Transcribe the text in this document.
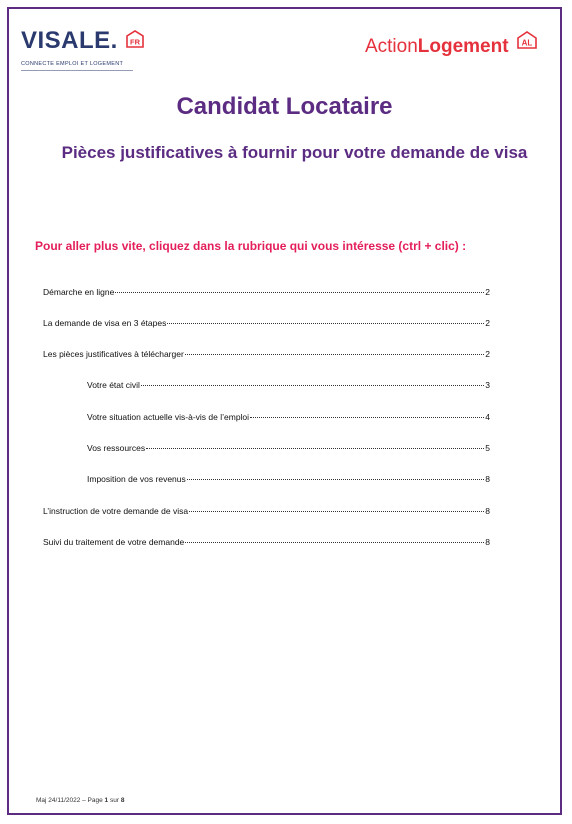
VISALE. FR
CONNECTE EMPLOI ET LOGEMENT
ActionLogement AL
Candidat Locataire
Pièces justificatives à fournir pour votre demande de visa
Pour aller plus vite, cliquez dans la rubrique qui vous intéresse (ctrl + clic) :
Démarche en ligne	2
La demande de visa en 3 étapes	2
Les pièces justificatives à télécharger	2
Votre état civil	3
Votre situation actuelle vis-à-vis de l’emploi	4
Vos ressources	5
Imposition de vos revenus	8
L’instruction de votre demande de visa	8
Suivi du traitement de votre demande	8
Maj 24/11/2022 – Page 1 sur 8
